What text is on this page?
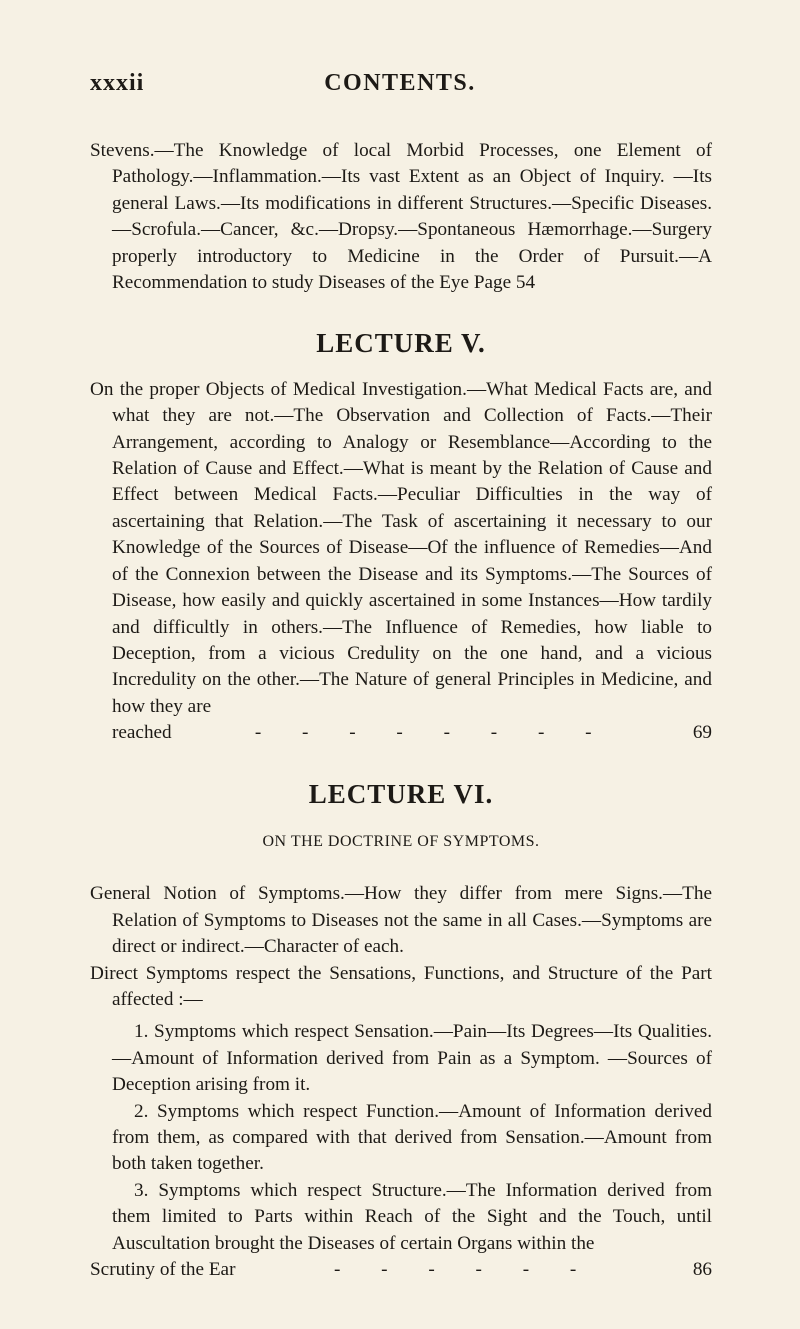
xxxii	CONTENTS.

Stevens.—The Knowledge of local Morbid Processes, one Element of Pathology.—Inflammation.—Its vast Extent as an Object of Inquiry. —Its general Laws.—Its modifications in different Structures.—Specific Diseases.—Scrofula.—Cancer, &c.—Dropsy.—Spontaneous Hæmorrhage.—Surgery properly introductory to Medicine in the Order of Pursuit.—A Recommendation to study Diseases of the Eye Page 54

LECTURE V.

On the proper Objects of Medical Investigation.—What Medical Facts are, and what they are not.—The Observation and Collection of Facts.—Their Arrangement, according to Analogy or Resemblance—According to the Relation of Cause and Effect.—What is meant by the Relation of Cause and Effect between Medical Facts.—Peculiar Difficulties in the way of ascertaining that Relation.—The Task of ascertaining it necessary to our Knowledge of the Sources of Disease—Of the influence of Remedies—And of the Connexion between the Disease and its Symptoms.—The Sources of Disease, how easily and quickly ascertained in some Instances—How tardily and difficultly in others.—The Influence of Remedies, how liable to Deception, from a vicious Credulity on the one hand, and a vicious Incredulity on the other.—The Nature of general Principles in Medicine, and how they are

reached	- - - - - - - -	69
LECTURE VI.
ON THE DOCTRINE OF SYMPTOMS.

General Notion of Symptoms.—How they differ from mere Signs.—The Relation of Symptoms to Diseases not the same in all Cases.—Symptoms are direct or indirect.—Character of each.

Direct Symptoms respect the Sensations, Functions, and Structure of the Part affected :—

1. Symptoms which respect Sensation.—Pain—Its Degrees—Its Qualities.—Amount of Information derived from Pain as a Symptom. —Sources of Deception arising from it.

2. Symptoms which respect Function.—Amount of Information derived from them, as compared with that derived from Sensation.—Amount from both taken together.

3. Symptoms which respect Structure.—The Information derived from them limited to Parts within Reach of the Sight and the Touch, until Auscultation brought the Diseases of certain Organs within the

Scrutiny of the Ear	- - - - - -	86
